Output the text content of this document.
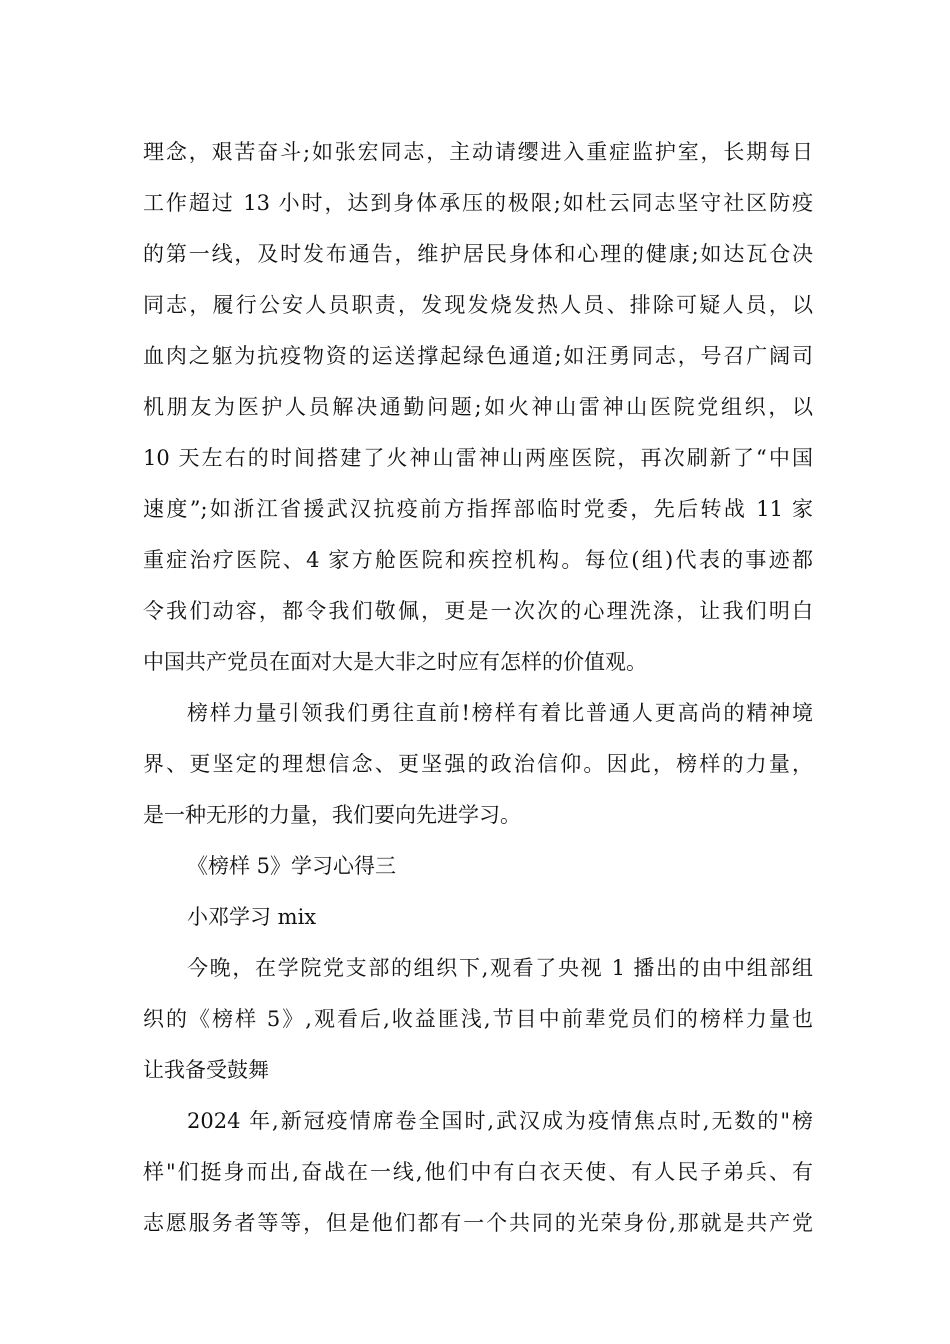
理念，艰苦奋斗;如张宏同志，主动请缨进入重症监护室，长期每日
工作超过 13 小时，达到身体承压的极限;如杜云同志坚守社区防疫
的第一线，及时发布通告，维护居民身体和心理的健康;如达瓦仓决
同志，履行公安人员职责，发现发烧发热人员、排除可疑人员，以
血肉之躯为抗疫物资的运送撑起绿色通道;如汪勇同志，号召广阔司
机朋友为医护人员解决通勤问题;如火神山雷神山医院党组织，以
10 天左右的时间搭建了火神山雷神山两座医院，再次刷新了“中国
速度”;如浙江省援武汉抗疫前方指挥部临时党委，先后转战 11 家
重症治疗医院、4 家方舱医院和疾控机构。每位(组)代表的事迹都
令我们动容，都令我们敬佩，更是一次次的心理洗涤，让我们明白
中国共产党员在面对大是大非之时应有怎样的价值观。
榜样力量引领我们勇往直前!榜样有着比普通人更高尚的精神境
界、更坚定的理想信念、更坚强的政治信仰。因此，榜样的力量，
是一种无形的力量，我们要向先进学习。
《榜样 5》学习心得三
小邓学习 mix
今晚，在学院党支部的组织下,观看了央视 1 播出的由中组部组
织的《榜样 5》,观看后,收益匪浅,节目中前辈党员们的榜样力量也
让我备受鼓舞
2024 年,新冠疫情席卷全国时,武汉成为疫情焦点时,无数的"榜
样"们挺身而出,奋战在一线,他们中有白衣天使、有人民子弟兵、有
志愿服务者等等，但是他们都有一个共同的光荣身份,那就是共产党
